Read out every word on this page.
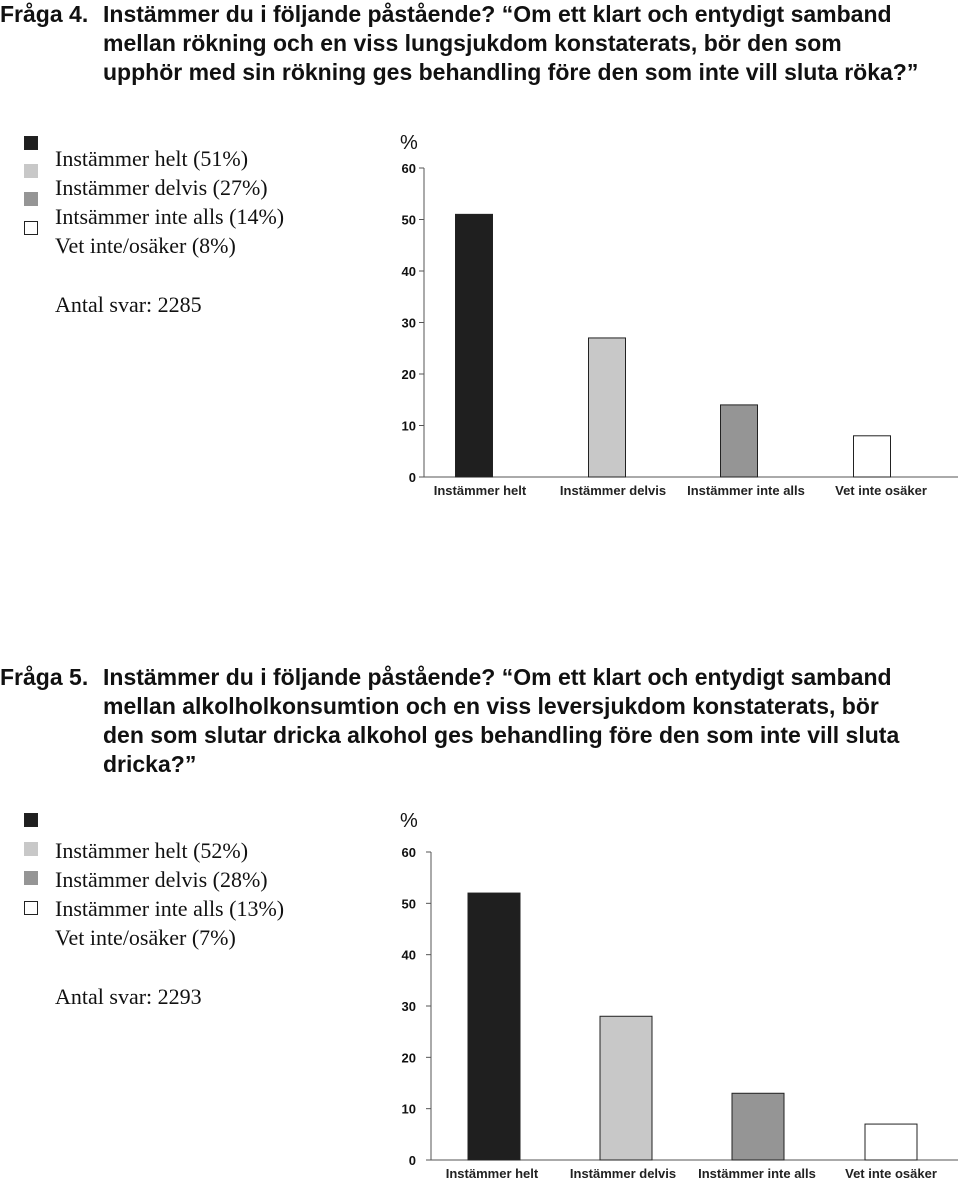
Fråga 4. Instämmer du i följande påstående? “Om ett klart och entydigt samband
mellan rökning och en viss lungsjukdom konstaterats, bör den som
upphör med sin rökning ges behandling före den som inte vill sluta röka?”
Instämmer helt (51%)
Instämmer delvis (27%)
Intsämmer inte alls (14%)
Vet inte/osäker (8%)
Antal svar: 2285
%
0
10
20
30
40
50
60
Instämmer helt	Instämmer delvis Instämmer inte alls Vet inte osäker
Fråga 5. Instämmer du i följande påstående? “Om ett klart och entydigt samband
mellan alkolholkonsumtion och en viss leversjukdom konstaterats, bör
den som slutar dricka alkohol ges behandling före den som inte vill sluta
dricka?”
Instämmer helt (52%)
Instämmer delvis (28%)
Instämmer inte alls (13%)
Vet inte/osäker (7%)
Antal svar: 2293
%
0
10
20
30
40
50
60
Instämmer helt Instämmer delvis Instämmer inte alls Vet inte osäker
